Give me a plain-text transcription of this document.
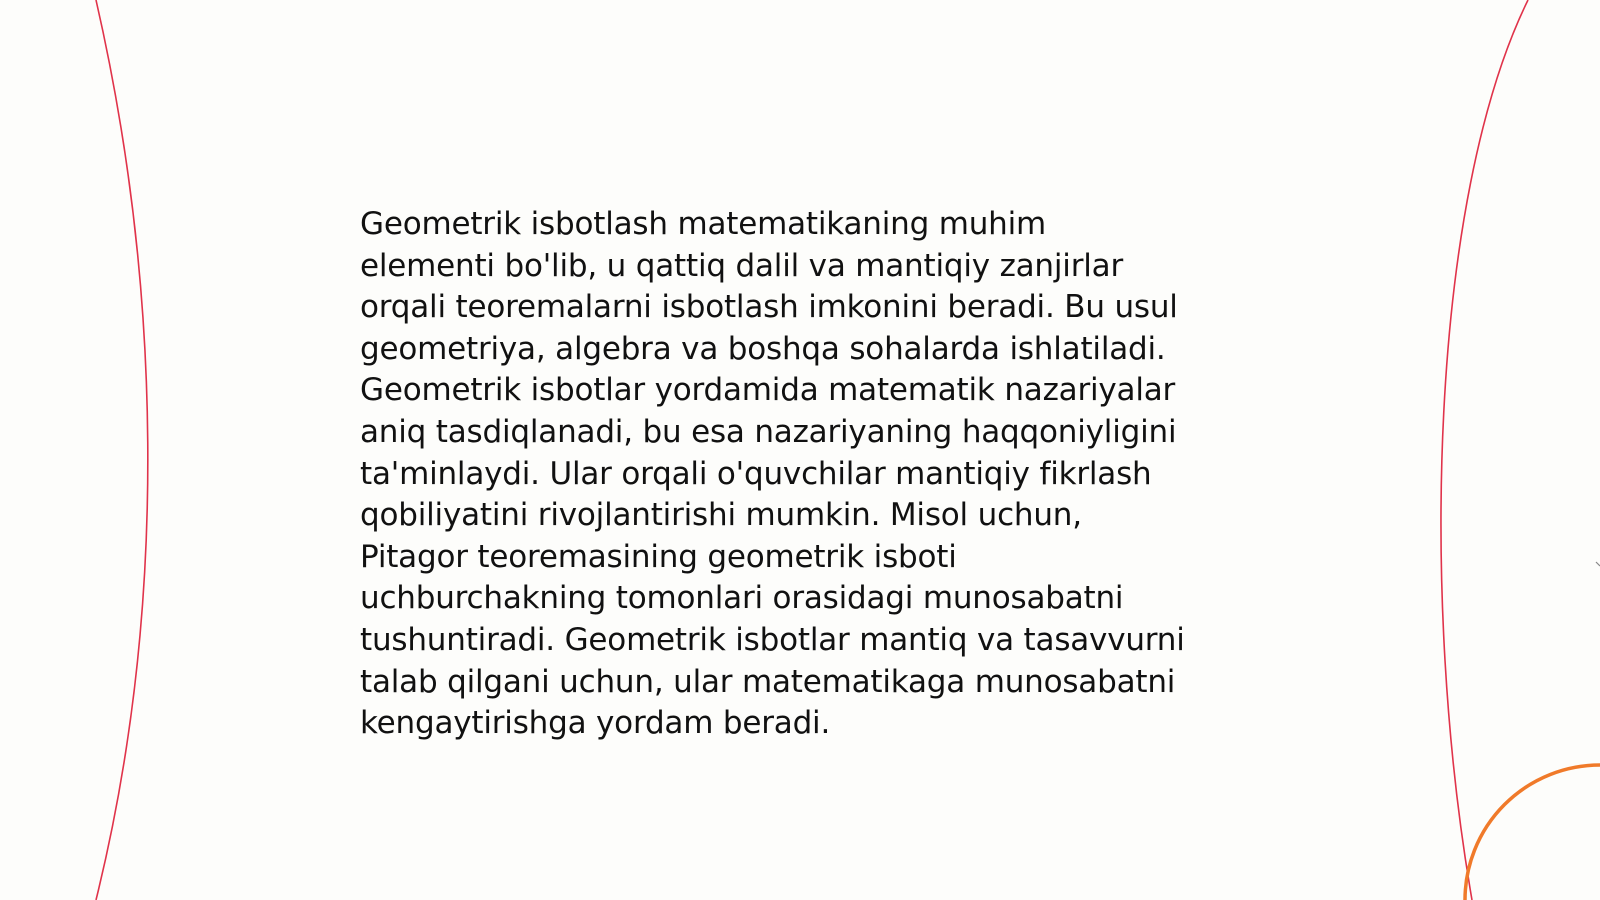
Geometrik isbotlash matematikaning muhim
elementi bo'lib, u qattiq dalil va mantiqiy zanjirlar
orqali teoremalarni isbotlash imkonini beradi. Bu usul
geometriya, algebra va boshqa sohalarda ishlatiladi.
Geometrik isbotlar yordamida matematik nazariyalar
aniq tasdiqlanadi, bu esa nazariyaning haqqoniyligini
ta'minlaydi. Ular orqali o'quvchilar mantiqiy fikrlash
qobiliyatini rivojlantirishi mumkin. Misol uchun,
Pitagor teoremasining geometrik isboti
uchburchakning tomonlari orasidagi munosabatni
tushuntiradi. Geometrik isbotlar mantiq va tasavvurni
talab qilgani uchun, ular matematikaga munosabatni
kengaytirishga yordam beradi.
